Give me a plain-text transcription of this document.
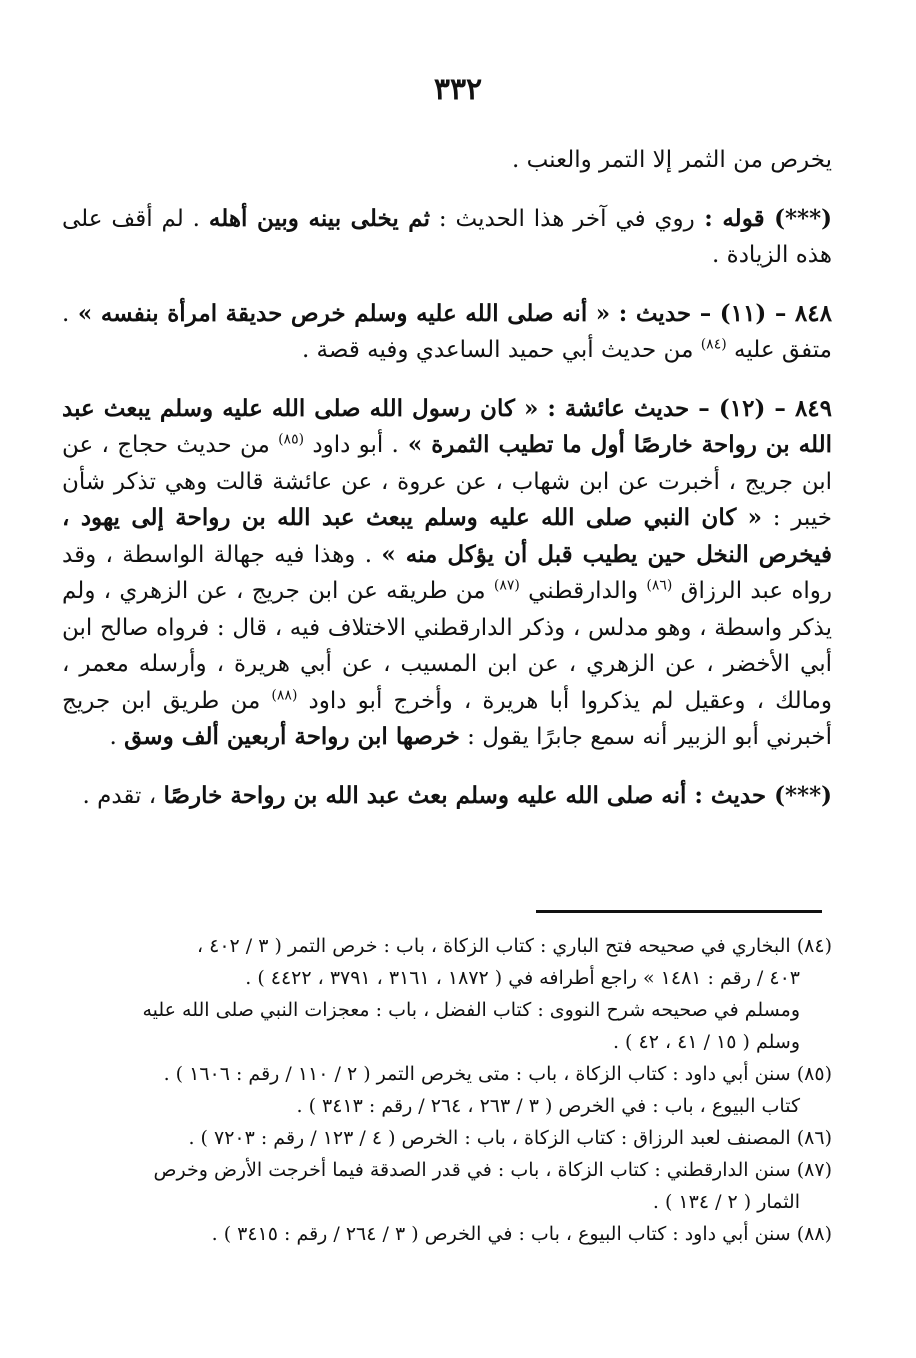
٣٣٢

يخرص من الثمر إلا التمر والعنب .

(***) قوله : روي في آخر هذا الحديث : ثم يخلى بينه وبين أهله . لم أقف على هذه الزيادة .

٨٤٨ – (١١) – حديث : « أنه صلى الله عليه وسلم خرص حديقة امرأة بنفسه » . متفق عليه $^{(٨٤)}$ من حديث أبي حميد الساعدي وفيه قصة .

٨٤٩ – (١٢) – حديث عائشة : « كان رسول الله صلى الله عليه وسلم يبعث عبد الله بن رواحة خارصًا أول ما تطيب الثمرة » . أبو داود $^{(٨٥)}$ من حديث حجاج ، عن ابن جريج ، أخبرت عن ابن شهاب ، عن عروة ، عن عائشة قالت وهي تذكر شأن خيبر : « كان النبي صلى الله عليه وسلم يبعث عبد الله بن رواحة إلى يهود ، فيخرص النخل حين يطيب قبل أن يؤكل منه » . وهذا فيه جهالة الواسطة ، وقد رواه عبد الرزاق $^{(٨٦)}$ والدارقطني $^{(٨٧)}$ من طريقه عن ابن جريج ، عن الزهري ، ولم يذكر واسطة ، وهو مدلس ، وذكر الدارقطني الاختلاف فيه ، قال : فرواه صالح ابن أبي الأخضر ، عن الزهري ، عن ابن المسيب ، عن أبي هريرة ، وأرسله معمر ، ومالك ، وعقيل لم يذكروا أبا هريرة ، وأخرج أبو داود $^{(٨٨)}$ من طريق ابن جريج أخبرني أبو الزبير أنه سمع جابرًا يقول : خرصها ابن رواحة أربعين ألف وسق .

(***) حديث : أنه صلى الله عليه وسلم بعث عبد الله بن رواحة خارصًا ، تقدم .

(٨٤) البخاري في صحيحه فتح الباري : كتاب الزكاة ، باب : خرص التمر ( ٣ / ٤٠٢ ،
٤٠٣ / رقم : ١٤٨١ » راجع أطرافه في ( ١٨٧٢ ، ٣١٦١ ، ٣٧٩١ ، ٤٤٢٢ ) .
ومسلم في صحيحه شرح النووى : كتاب الفضل ، باب : معجزات النبي صلى الله عليه
وسلم ( ١٥ / ٤١ ، ٤٢ ) .
(٨٥) سنن أبي داود : كتاب الزكاة ، باب : متى يخرص التمر ( ٢ / ١١٠ / رقم : ١٦٠٦ ) .
كتاب البيوع ، باب : في الخرص ( ٣ / ٢٦٣ ، ٢٦٤ / رقم : ٣٤١٣ ) .
(٨٦) المصنف لعبد الرزاق : كتاب الزكاة ، باب : الخرص ( ٤ / ١٢٣ / رقم : ٧٢٠٣ ) .
(٨٧) سنن الدارقطني : كتاب الزكاة ، باب : في قدر الصدقة فيما أخرجت الأرض وخرص
الثمار ( ٢ / ١٣٤ ) .
(٨٨) سنن أبي داود : كتاب البيوع ، باب : في الخرص ( ٣ / ٢٦٤ / رقم : ٣٤١٥ ) .
